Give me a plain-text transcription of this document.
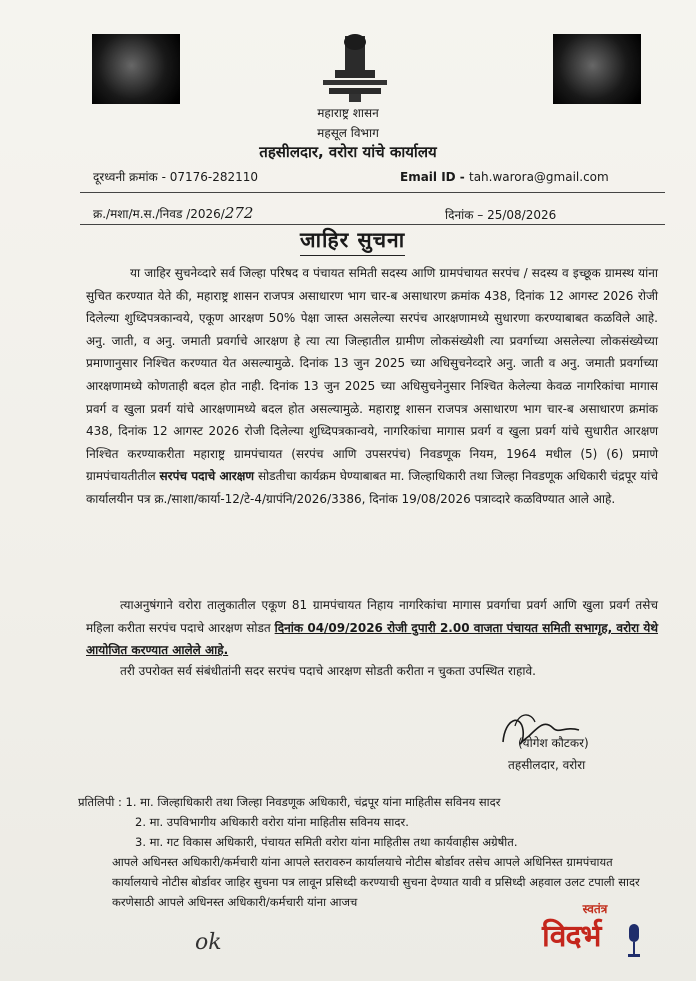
महाराष्ट्र शासन
महसूल विभाग
तहसीलदार, वरोरा यांचे कार्यालय
दूरध्वनी क्रमांक - 07176-282110	Email ID - tah.warora@gmail.com
क्र./मशा/म.स./निवड /2026/272	दिनांक – 25/08/2026
जाहिर सुचना
या जाहिर सुचनेव्दारे सर्व जिल्हा परिषद व पंचायत समिती सदस्य आणि ग्रामपंचायत सरपंच / सदस्य व इच्छूक ग्रामस्थ यांना सुचित करण्यात येते की, महाराष्ट्र शासन राजपत्र असाधारण भाग चार-ब असाधारण क्रमांक 438, दिनांक 12 आगस्ट 2026 रोजी दिलेल्या शुध्दिपत्रकान्वये, एकूण आरक्षण 50% पेक्षा जास्त असलेल्या सरपंच आरक्षणामध्ये सुधारणा करण्याबाबत कळविले आहे. अनु. जाती, व अनु. जमाती प्रवर्गाचे आरक्षण हे त्या त्या जिल्हातील ग्रामीण लोकसंख्येशी त्या प्रवर्गाच्या असलेल्या लोकसंख्येच्या प्रमाणानुसार निश्चित करण्यात येत असल्यामुळे. दिनांक 13 जुन 2025 च्या अधिसुचनेव्दारे अनु. जाती व अनु. जमाती प्रवर्गाच्या आरक्षणामध्ये कोणताही बदल होत नाही. दिनांक 13 जुन 2025 च्या अधिसुचनेनुसार निश्चित केलेल्या केवळ नागरिकांचा मागास प्रवर्ग व खुला प्रवर्ग यांचे आरक्षणामध्ये बदल होत असल्यामुळे. महाराष्ट्र शासन राजपत्र असाधारण भाग चार-ब असाधारण क्रमांक 438, दिनांक 12 आगस्ट 2026 रोजी दिलेल्या शुध्दिपत्रकान्वये, नागरिकांचा मागास प्रवर्ग व खुला प्रवर्ग यांचे सुधारीत आरक्षण निश्चित करण्याकरीता महाराष्ट्र ग्रामपंचायत (सरपंच आणि उपसरपंच) निवडणूक नियम, 1964 मधील (5) (6) प्रमाणे ग्रामपंचायतीतील सरपंच पदाचे आरक्षण सोडतीचा कार्यक्रम घेण्याबाबत मा. जिल्हाधिकारी तथा जिल्हा निवडणूक अधिकारी चंद्रपूर यांचे कार्यालयीन पत्र क्र./साशा/कार्या-12/टे-4/ग्रापंनि/2026/3386, दिनांक 19/08/2026 पत्राव्दारे कळविण्यात आले आहे.
त्याअनुषंगाने वरोरा तालुकातील एकूण 81 ग्रामपंचायत निहाय नागरिकांचा मागास प्रवर्गाचा प्रवर्ग आणि खुला प्रवर्ग तसेच महिला करीता सरपंच पदाचे आरक्षण सोडत दिनांक 04/09/2026 रोजी दुपारी 2.00 वाजता पंचायत समिती सभागृह, वरोरा येथे आयोजित करण्यात आलेले आहे.
तरी उपरोक्त सर्व संबंधीतांनी सदर सरपंच पदाचे आरक्षण सोडती करीता न चुकता उपस्थित राहावे.
(योगेश कौटकर)
तहसीलदार, वरोरा
प्रतिलिपी : 1. मा. जिल्हाधिकारी तथा जिल्हा निवडणूक अधिकारी, चंद्रपूर यांना माहितीस सविनय सादर
2. मा. उपविभागीय अधिकारी वरोरा यांना माहितीस सविनय सादर.
3. मा. गट विकास अधिकारी, पंचायत समिती वरोरा यांना माहितीस तथा कार्यवाहीस अग्रेषीत.
आपले अधिनस्त अधिकारी/कर्मचारी यांना आपले स्तरावरुन कार्यालयाचे नोटीस बोर्डावर तसेच आपले अधिनिस्त ग्रामपंचायत कार्यालयाचे नोटीस बोर्डावर जाहिर सुचना पत्र लावून प्रसिध्दी करण्याची सुचना देण्यात यावी व प्रसिध्दी अहवाल उलट टपाली सादर करणेसाठी आपले अधिनस्त अधिकारी/कर्मचारी यांना आजच
ok
स्वतंत्र
विदर्भ
